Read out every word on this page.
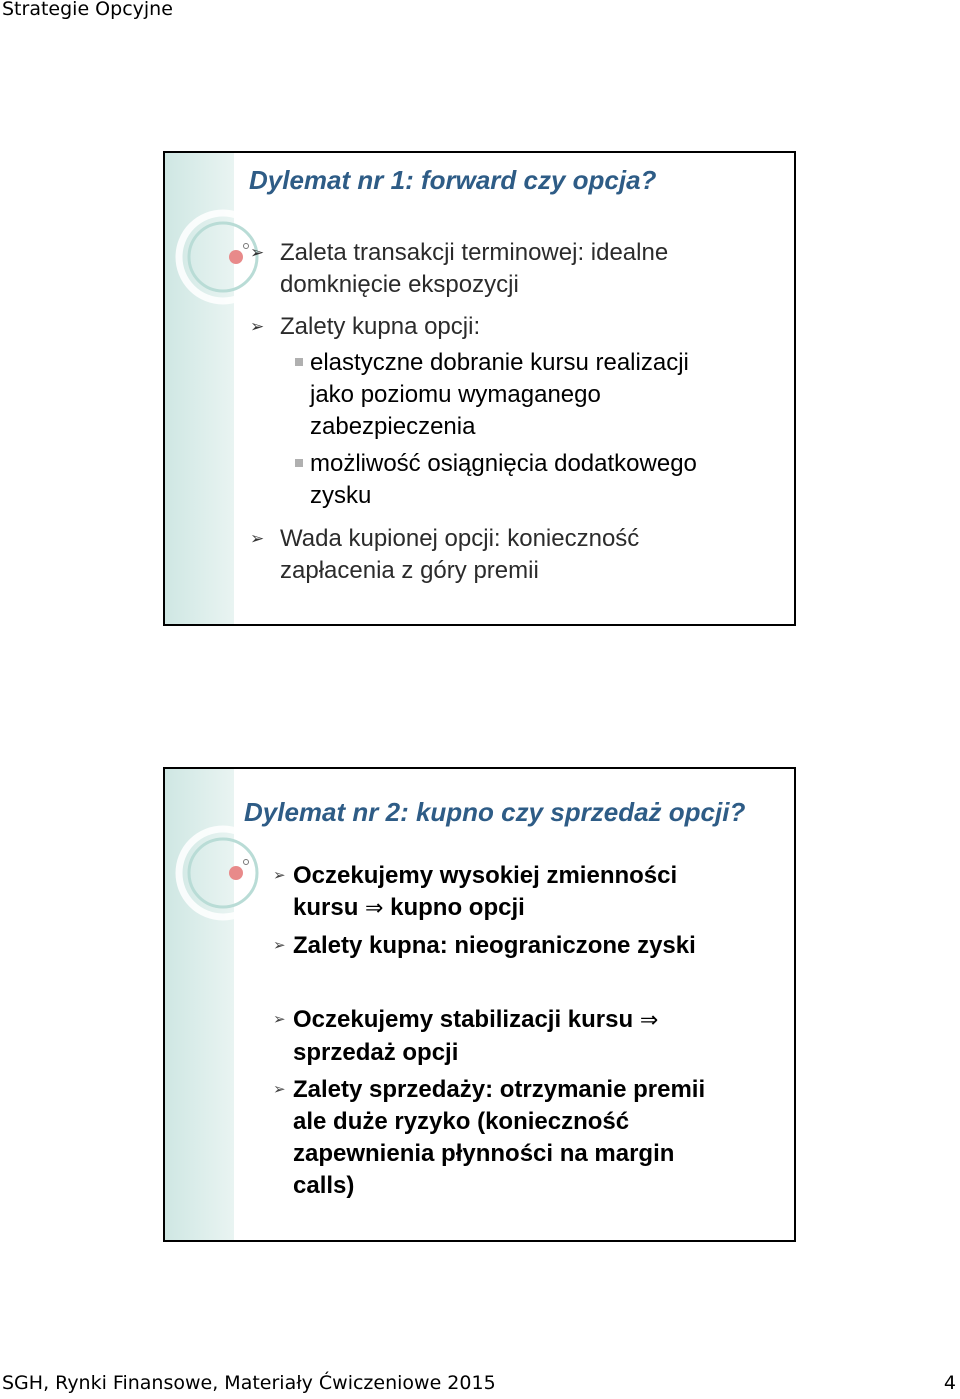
Strategie Opcyjne
Dylemat nr 1: forward czy opcja?
➢ Zaleta transakcji terminowej: idealne
domknięcie ekspozycji
➢ Zalety kupna opcji:
elastyczne dobranie kursu realizacji
jako poziomu wymaganego
zabezpieczenia
możliwość osiągnięcia dodatkowego
zysku
➢ Wada kupionej opcji: konieczność
zapłacenia z góry premii
Dylemat nr 2: kupno czy sprzedaż opcji?
➢ Oczekujemy wysokiej zmienności
kursu ⇒ kupno opcji
➢ Zalety kupna: nieograniczone zyski
➢ Oczekujemy stabilizacji kursu ⇒
sprzedaż opcji
➢ Zalety sprzedaży: otrzymanie premii
ale duże ryzyko (konieczność
zapewnienia płynności na margin
calls)
SGH, Rynki Finansowe, Materiały Ćwiczeniowe 2015	4
